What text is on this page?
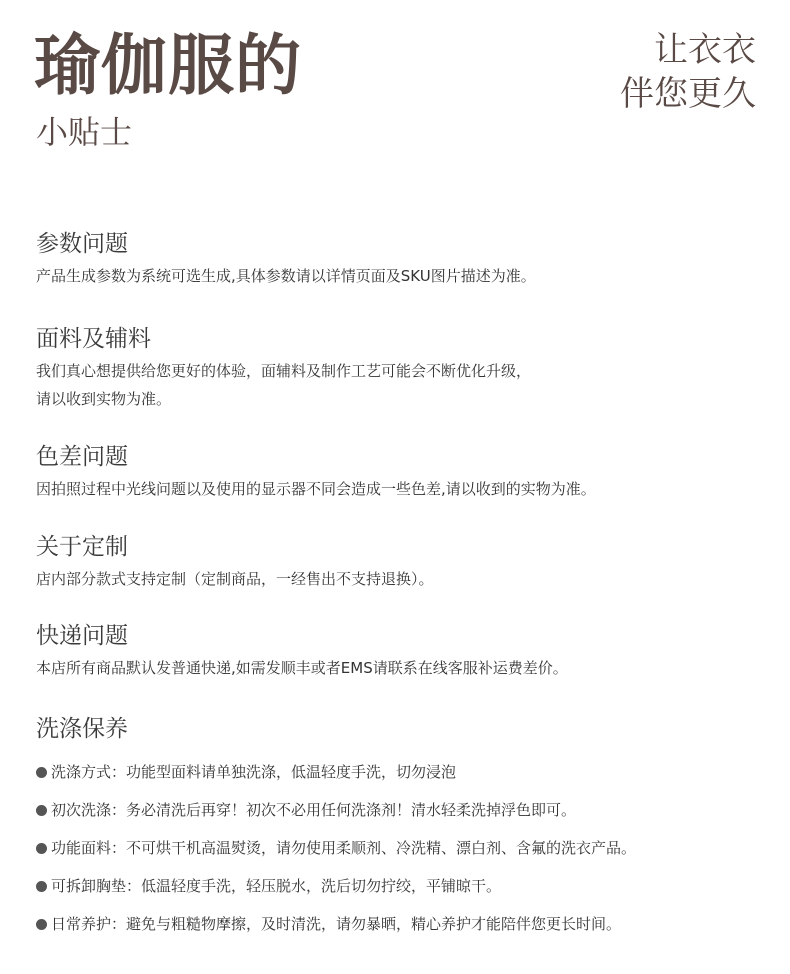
瑜伽服的
小贴士
让衣衣
伴您更久
参数问题

产品生成参数为系统可选生成,具体参数请以详情页面及SKU图片描述为准。

面料及辅料

我们真心想提供给您更好的体验，面辅料及制作工艺可能会不断优化升级，
请以收到实物为准。

色差问题

因拍照过程中光线问题以及使用的显示器不同会造成一些色差,请以收到的实物为准。

关于定制

店内部分款式支持定制（定制商品，一经售出不支持退换）。

快递问题

本店所有商品默认发普通快递,如需发顺丰或者EMS请联系在线客服补运费差价。

洗涤保养
洗涤方式：功能型面料请单独洗涤，低温轻度手洗，切勿浸泡
初次洗涤：务必清洗后再穿！初次不必用任何洗涤剂！清水轻柔洗掉浮色即可。
功能面料：不可烘干机高温熨烫，请勿使用柔顺剂、冷洗精、漂白剂、含氟的洗衣产品。
可拆卸胸垫：低温轻度手洗，轻压脱水，洗后切勿拧绞，平铺晾干。
日常养护：避免与粗糙物摩擦，及时清洗，请勿暴晒，精心养护才能陪伴您更长时间。
